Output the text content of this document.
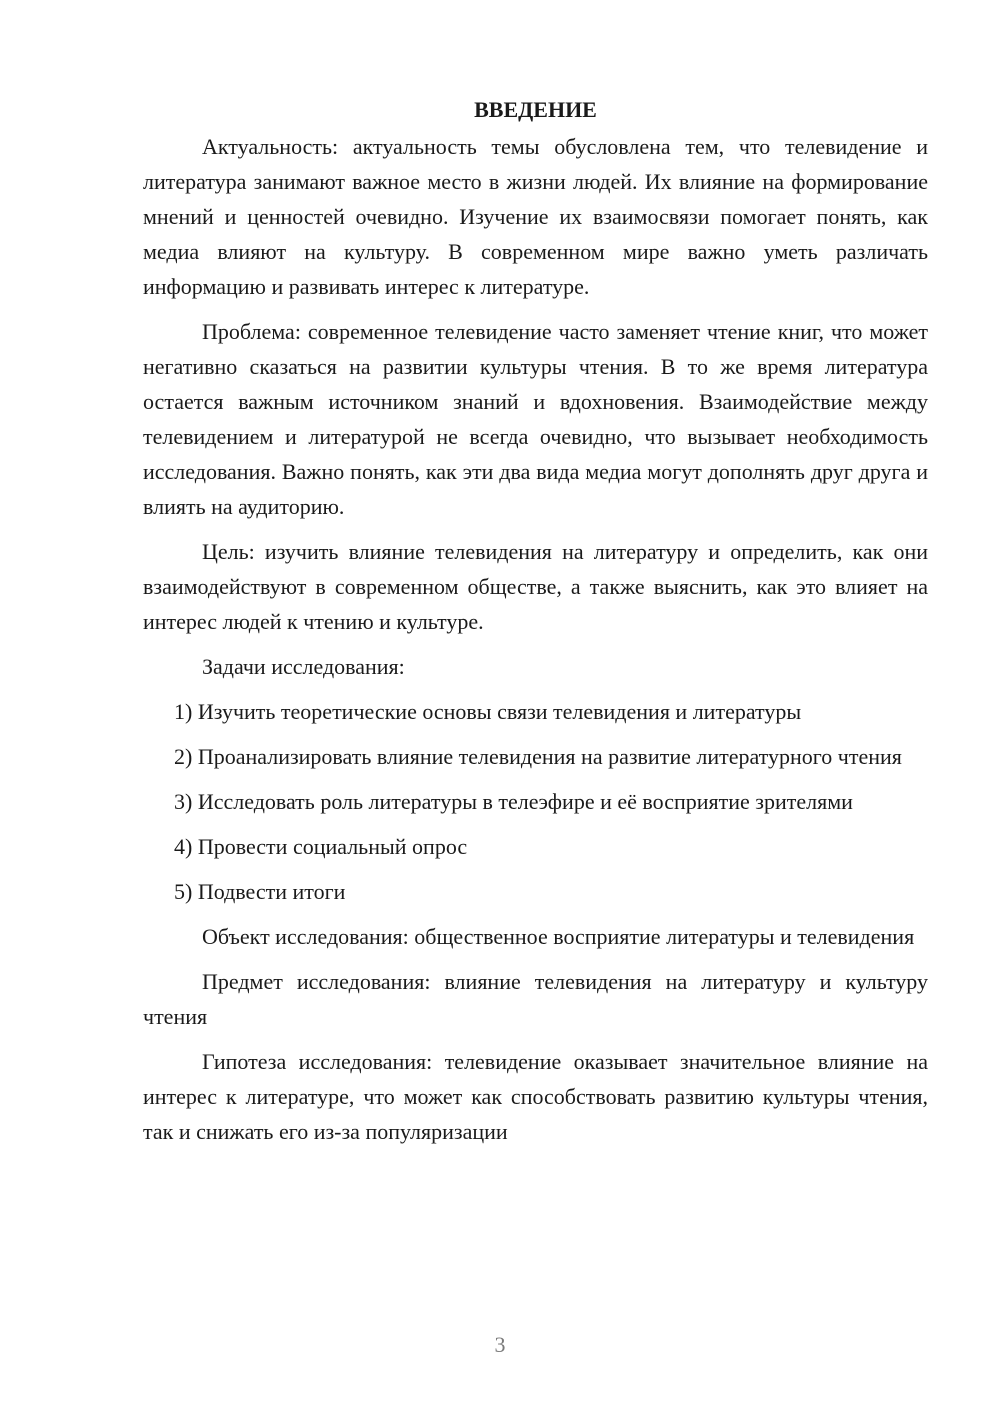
ВВЕДЕНИЕ

Актуальность: актуальность темы обусловлена тем, что телевидение и литература занимают важное место в жизни людей. Их влияние на формирование мнений и ценностей очевидно. Изучение их взаимосвязи помогает понять, как медиа влияют на культуру. В современном мире важно уметь различать информацию и развивать интерес к литературе.

Проблема: современное телевидение часто заменяет чтение книг, что может негативно сказаться на развитии культуры чтения. В то же время литература остается важным источником знаний и вдохновения. Взаимодействие между телевидением и литературой не всегда очевидно, что вызывает необходимость исследования. Важно понять, как эти два вида медиа могут дополнять друг друга и влиять на аудиторию.

Цель: изучить влияние телевидения на литературу и определить, как они взаимодействуют в современном обществе, а также выяснить, как это влияет на интерес людей к чтению и культуре.

Задачи исследования:

1) Изучить теоретические основы связи телевидения и литературы

2) Проанализировать влияние телевидения на развитие литературного чтения

3) Исследовать роль литературы в телеэфире и её восприятие зрителями

4) Провести социальный опрос

5) Подвести итоги

Объект исследования: общественное восприятие литературы и телевидения

Предмет исследования: влияние телевидения на литературу и культуру чтения

Гипотеза исследования: телевидение оказывает значительное влияние на интерес к литературе, что может как способствовать развитию культуры чтения, так и снижать его из-за популяризации

3
